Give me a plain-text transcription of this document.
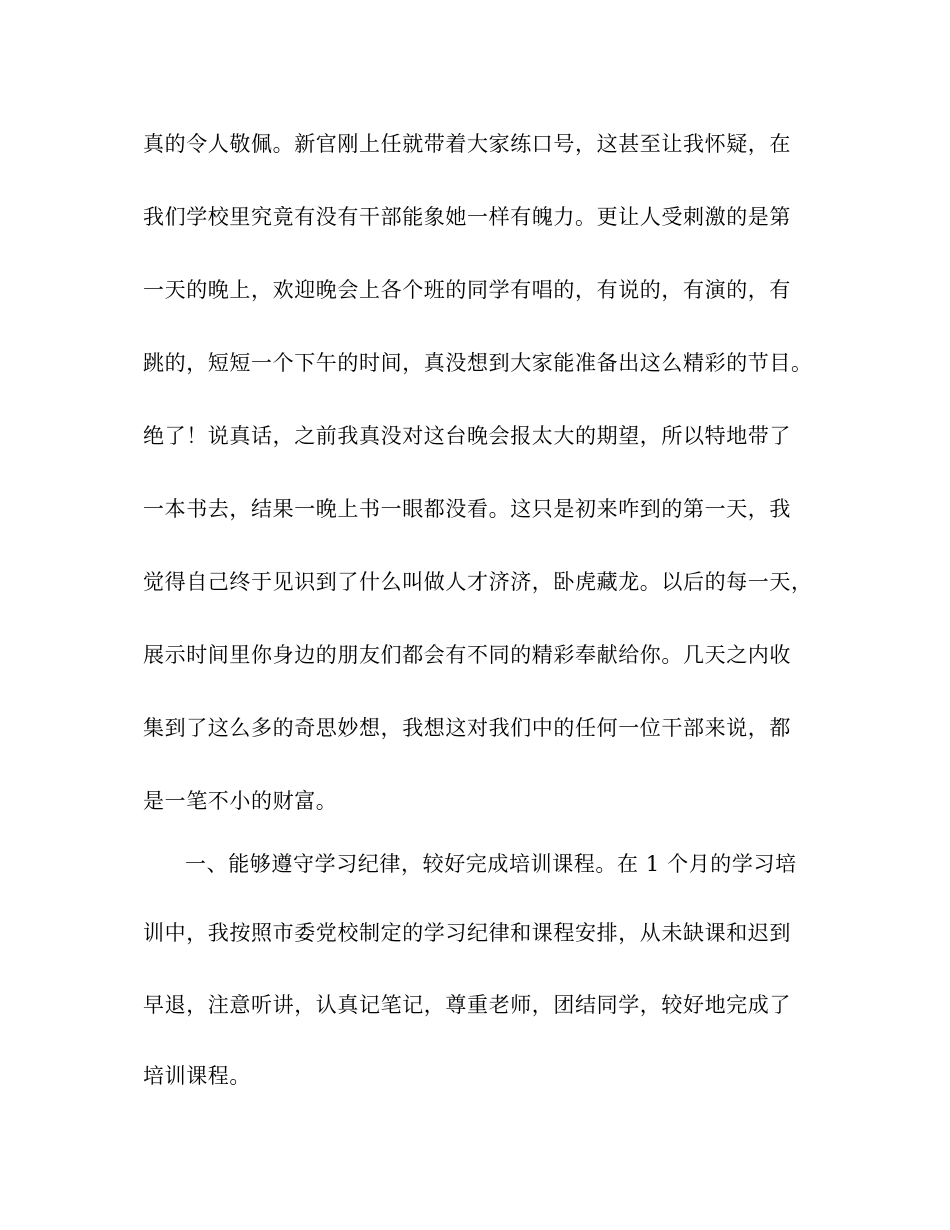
真的令人敬佩。新官刚上任就带着大家练口号，这甚至让我怀疑，在
我们学校里究竟有没有干部能象她一样有魄力。更让人受刺激的是第
一天的晚上，欢迎晚会上各个班的同学有唱的，有说的，有演的，有
跳的，短短一个下午的时间，真没想到大家能准备出这么精彩的节目。
绝了！说真话，之前我真没对这台晚会报太大的期望，所以特地带了
一本书去，结果一晚上书一眼都没看。这只是初来咋到的第一天，我
觉得自己终于见识到了什么叫做人才济济，卧虎藏龙。以后的每一天，
展示时间里你身边的朋友们都会有不同的精彩奉献给你。几天之内收
集到了这么多的奇思妙想，我想这对我们中的任何一位干部来说，都
是一笔不小的财富。
一、能够遵守学习纪律，较好完成培训课程。在 1 个月的学习培
训中，我按照市委党校制定的学习纪律和课程安排，从未缺课和迟到
早退，注意听讲，认真记笔记，尊重老师，团结同学，较好地完成了
培训课程。
